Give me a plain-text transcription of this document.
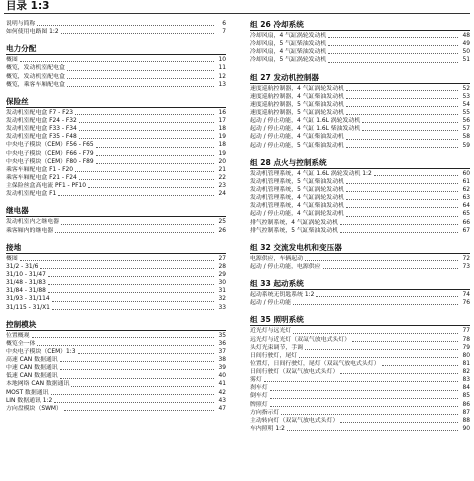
目录 1:3
说明与简称	6
如何使用电路图 1:2	7
电力分配
概图	10
概览，发动机室配电盒	11
概览，发动机室配电盒	12
概览，乘客车厢配电盒	13
保险丝
发动机室配电盒 F7 - F23	16
发动机室配电盒 F24 - F32	17
发动机室配电盒 F33 - F34	18
发动机室配电盒 F35 - F48	19
中央电子模块（CEM）F56 - F65	18
中央电子模块（CEM）F66 - F79	19
中央电子模块（CEM）F80 - F89	20
乘客车厢配电盒 F1 - F20	21
乘客车厢配电盒 F21 - F24	22
主保险丝盒高电流 PF1 - PF10	23
发动机室配电盒 F1	24
继电器
发动机室内之继电器	25
乘客厢内的继电器	26
接地
概图	27
31/2 - 31/6	28
31/10 - 31/47	29
31/48 - 31/83	30
31/84 - 31/88	31
31/93 - 31/114	32
31/115 - 31/X1	33
控制模块
位置概观	35
概览全一体	36
中央电子模块（CEM）1:3	37
高速 CAN 数据通讯	38
中速 CAN 数据通讯	39
低速 CAN 数据通讯	40
本地网络 CAN 数据通讯	41
MOST 数据通讯	42
LIN 数据通讯 1:2	43
方向盘模块（SWM）	47
组 26 冷却系统
冷却风扇，4 气缸涡轮发动机	48
冷却风扇，5 气缸柴油发动机	49
冷却风扇，4 气缸柴油发动机	50
冷却风扇，5 气缸涡轮发动机	51
组 27 发动机控制器
速度巡航控制器，4 气缸涡轮发动机	52
速度巡航控制器，4 气缸柴油发动机	53
速度巡航控制器，5 气缸柴油发动机	54
速度巡航控制器，5 气缸涡轮发动机	55
起动 / 停止功能，4 气缸 1.6L 涡轮发动机	56
起动 / 停止功能，4 气缸 1.6L 柴油发动机	57
起动 / 停止功能，4 气缸柴油发动机	58
起动 / 停止功能，5 气缸柴油发动机	59
组 28 点火与控制系统
发动机管理系统，4 气缸 1.6L 涡轮发动机 1:2	60
发动机管理系统，5 气缸柴油发动机	61
发动机管理系统，5 气缸涡轮发动机	62
发动机管理系统，4 气缸涡轮发动机	63
发动机管理系统，4 气缸柴油发动机	64
起动 / 停止功能，4 气缸涡轮发动机	65
排气控制系统，4 气缸涡轮发动机	66
排气控制系统，5 气缸柴油发动机	67
组 32 交流发电机和变压器
电源供应，车辆起动	72
起动 / 停止功能，电源供应	73
组 33 起动系统
起动系统无钥匙系统 1:2	74
起动 / 停止功能	76
组 35 照明系统
近光灯与远光灯	77
远光灯与近光灯（双氙气放电式头灯）	78
头灯光束调节，手调	79
日间行驶灯，尾灯	80
位置灯，日间行驶灯，尾灯（双氙气放电式头灯）	81
日间行驶灯（双氙气放电式头灯）	82
雾灯	83
刹车灯	84
倒车灯	85
牌照灯	86
方向指示灯	87
主动转向灯（双氙气放电式头灯）	88
车内照明 1:2	90
